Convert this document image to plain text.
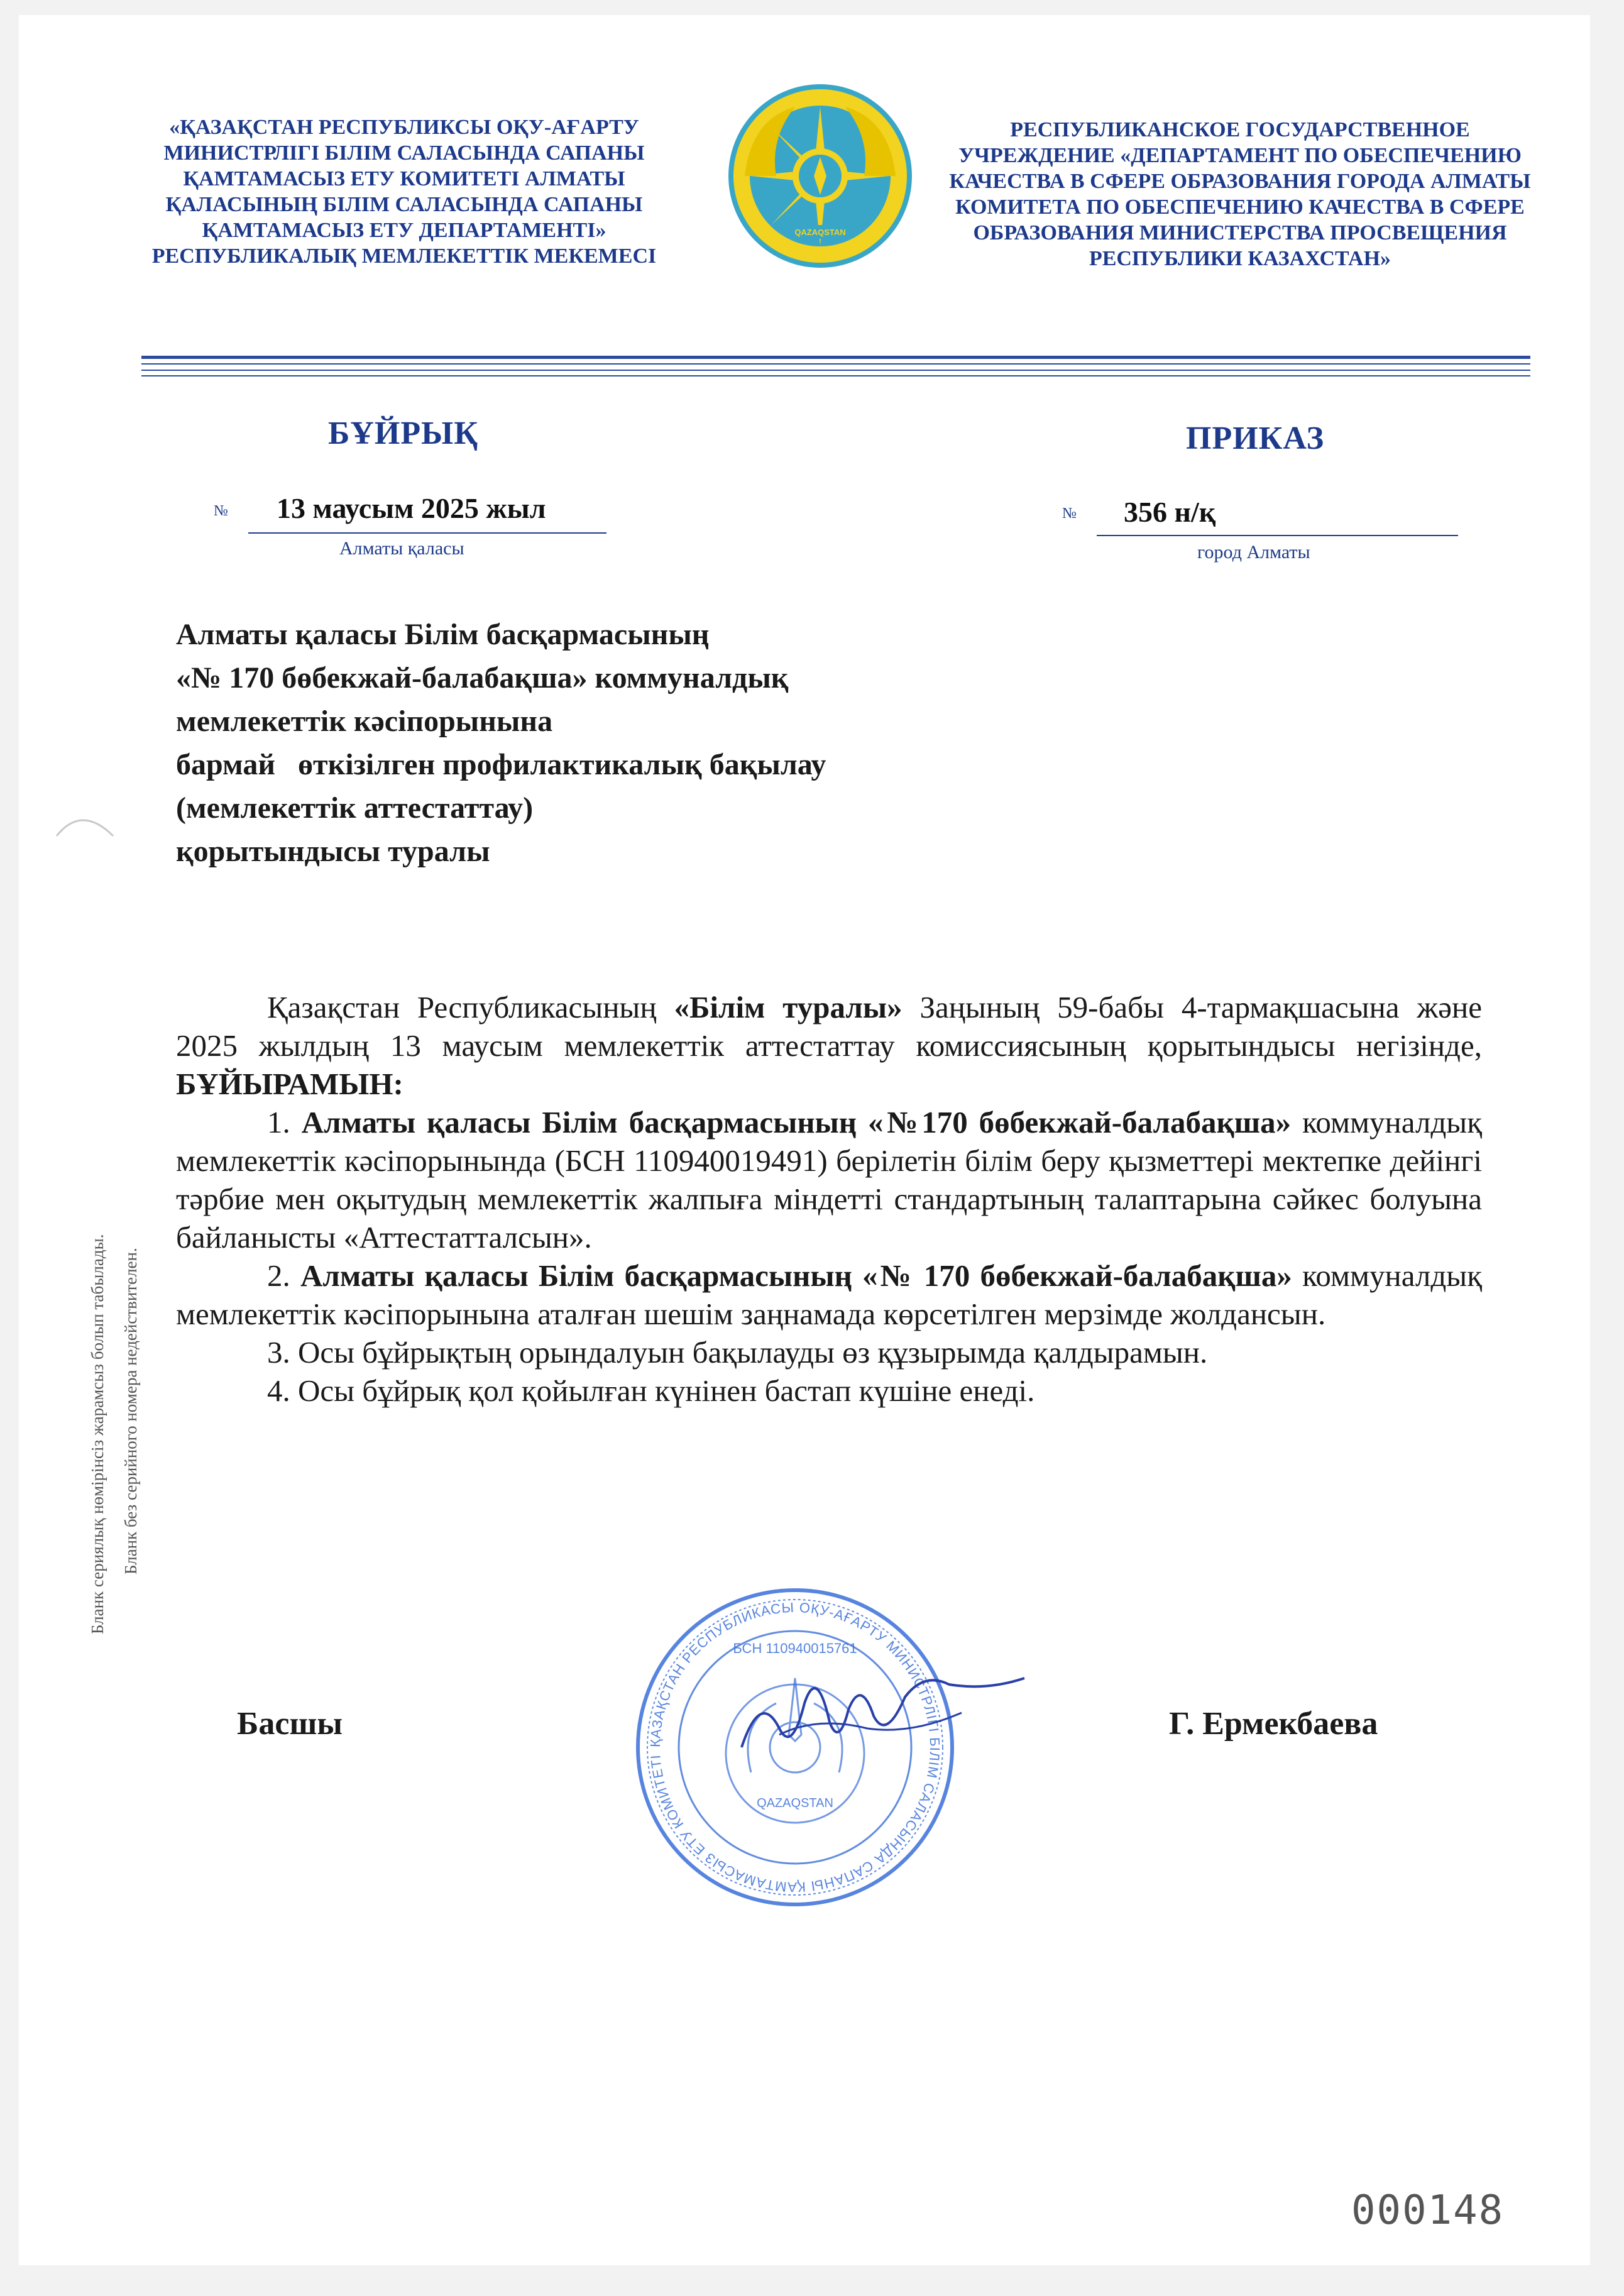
«ҚАЗАҚСТАН РЕСПУБЛИКСЫ ОҚУ-АҒАРТУ МИНИСТРЛІГІ БІЛІМ САЛАСЫНДА САПАНЫ ҚАМТАМАСЫЗ ЕТУ КОМИТЕТІ АЛМАТЫ ҚАЛАСЫНЫҢ БІЛІМ САЛАСЫНДА САПАНЫ ҚАМТАМАСЫЗ ЕТУ ДЕПАРТАМЕНТІ» РЕСПУБЛИКАЛЫҚ МЕМЛЕКЕТТІК МЕКЕМЕСІ
QAZAQSTAN
РЕСПУБЛИКАНСКОЕ ГОСУДАРСТВЕННОЕ УЧРЕЖДЕНИЕ «ДЕПАРТАМЕНТ ПО ОБЕСПЕЧЕНИЮ КАЧЕСТВА В СФЕРЕ ОБРАЗОВАНИЯ ГОРОДА АЛМАТЫ КОМИТЕТА ПО ОБЕСПЕЧЕНИЮ КАЧЕСТВА В СФЕРЕ ОБРАЗОВАНИЯ МИНИСТЕРСТВА ПРОСВЕЩЕНИЯ РЕСПУБЛИКИ КАЗАХСТАН»
БҰЙРЫҚ	ПРИКАЗ
№ 13 маусым 2025 жыл
Алматы қаласы
№ 356 н/қ
город Алматы
Алматы қаласы Білім басқармасының
«№ 170 бөбекжай-балабақша» коммуналдық
мемлекеттік кәсіпорынына
бармай   өткізілген профилактикалық бақылау
(мемлекеттік аттестаттау)
қорытындысы туралы

Қазақстан Республикасының «Білім туралы» Заңының 59-бабы 4-тармақшасына және 2025 жылдың 13 маусым мемлекеттік аттестаттау комиссиясының қорытындысы негізінде, БҰЙЫРАМЫН:

1. Алматы қаласы Білім басқармасының «№170 бөбекжай-балабақша» коммуналдық мемлекеттік кәсіпорынында (БСН 110940019491) берілетін білім беру қызметтері мектепке дейінгі тәрбие мен оқытудың мемлекеттік жалпыға міндетті стандартының талаптарына сәйкес болуына байланысты «Аттестатталсын».

2. Алматы қаласы Білім басқармасының «№ 170 бөбекжай-балабақша» коммуналдық мемлекеттік кәсіпорынына аталған шешім заңнамада көрсетілген мерзімде жолдансын.

3. Осы бұйрықтың орындалуын бақылауды өз құзырымда қалдырамын.

4. Осы бұйрық қол қойылған күнінен бастап күшіне енеді.

Бланк сериялық нөмірінсіз жарамсыз болып табылады. Бланк без серийного номера недействителен.
ҚАЗАҚСТАН РЕСПУБЛИКАСЫ ОҚУ-АҒАРТУ МИНИСТРЛІГІ БІЛІМ САЛАСЫНДА САПАНЫ ҚАМТАМАСЫЗ ЕТУ КОМИТЕТІ
БСН 110940015761
QAZAQSTAN
Басшы	Г. Ермекбаева
000148
